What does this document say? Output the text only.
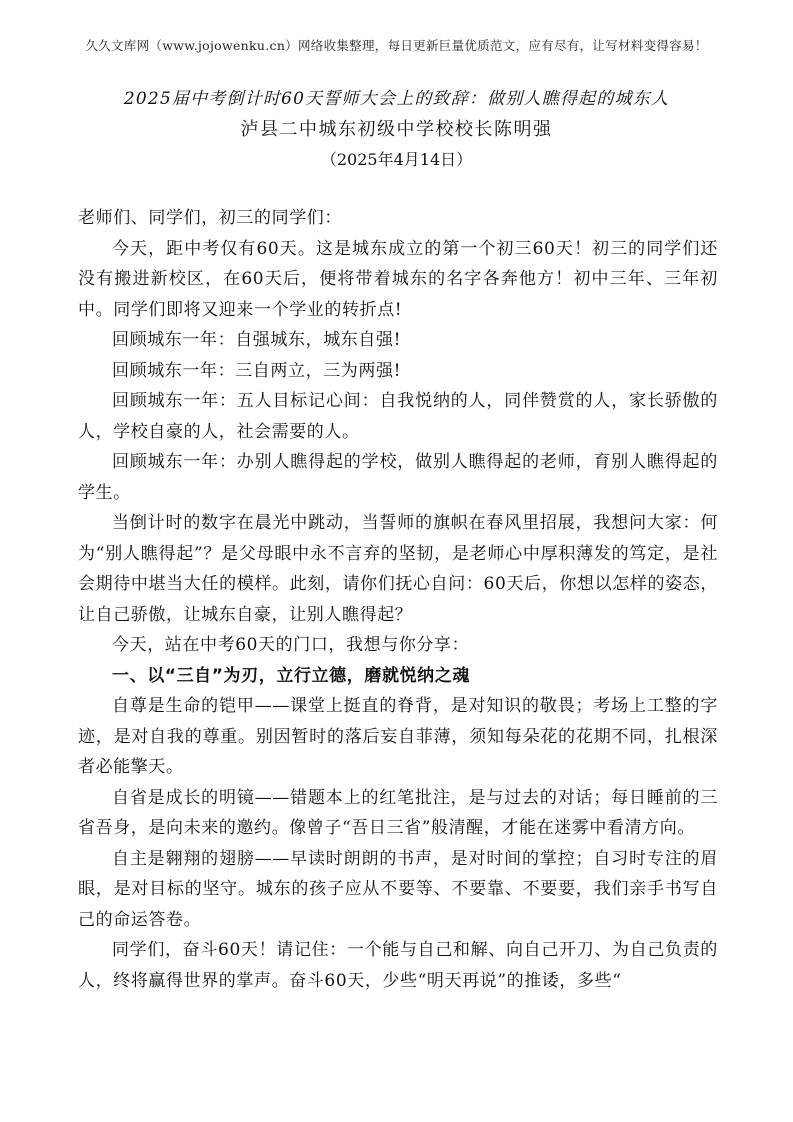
久久文库网（www.jojowenku.cn）网络收集整理，每日更新巨量优质范文，应有尽有，让写材料变得容易！
2025届中考倒计时60天誓师大会上的致辞：做别人瞧得起的城东人
泸县二中城东初级中学校校长陈明强
（2025年4月14日）

老师们、同学们，初三的同学们：

今天，距中考仅有60天。这是城东成立的第一个初三60天！初三的同学们还没有搬进新校区，在60天后，便将带着城东的名字各奔他方！初中三年、三年初中。同学们即将又迎来一个学业的转折点!

回顾城东一年：自强城东，城东自强!

回顾城东一年：三自两立，三为两强!

回顾城东一年：五人目标记心间：自我悦纳的人，同伴赞赏的人，家长骄傲的人，学校自豪的人，社会需要的人。

回顾城东一年：办别人瞧得起的学校，做别人瞧得起的老师，育别人瞧得起的学生。

当倒计时的数字在晨光中跳动，当誓师的旗帜在春风里招展，我想问大家：何为“别人瞧得起”？是父母眼中永不言弃的坚韧，是老师心中厚积薄发的笃定，是社会期待中堪当大任的模样。此刻，请你们抚心自问：60天后，你想以怎样的姿态，让自己骄傲，让城东自豪，让别人瞧得起？

今天，站在中考60天的门口，我想与你分享：

一、以“三自”为刃，立行立德，磨就悦纳之魂

自尊是生命的铠甲——课堂上挺直的脊背，是对知识的敬畏；考场上工整的字迹，是对自我的尊重。别因暂时的落后妄自菲薄，须知每朵花的花期不同，扎根深者必能擎天。

自省是成长的明镜——错题本上的红笔批注，是与过去的对话；每日睡前的三省吾身，是向未来的邀约。像曾子“吾日三省”般清醒，才能在迷雾中看清方向。

自主是翱翔的翅膀——早读时朗朗的书声，是对时间的掌控；自习时专注的眉眼，是对目标的坚守。城东的孩子应从不要等、不要靠、不要要，我们亲手书写自己的命运答卷。

同学们，奋斗60天！请记住：一个能与自己和解、向自己开刀、为自己负责的人，终将赢得世界的掌声。奋斗60天，少些“明天再说”的推诿，多些“
